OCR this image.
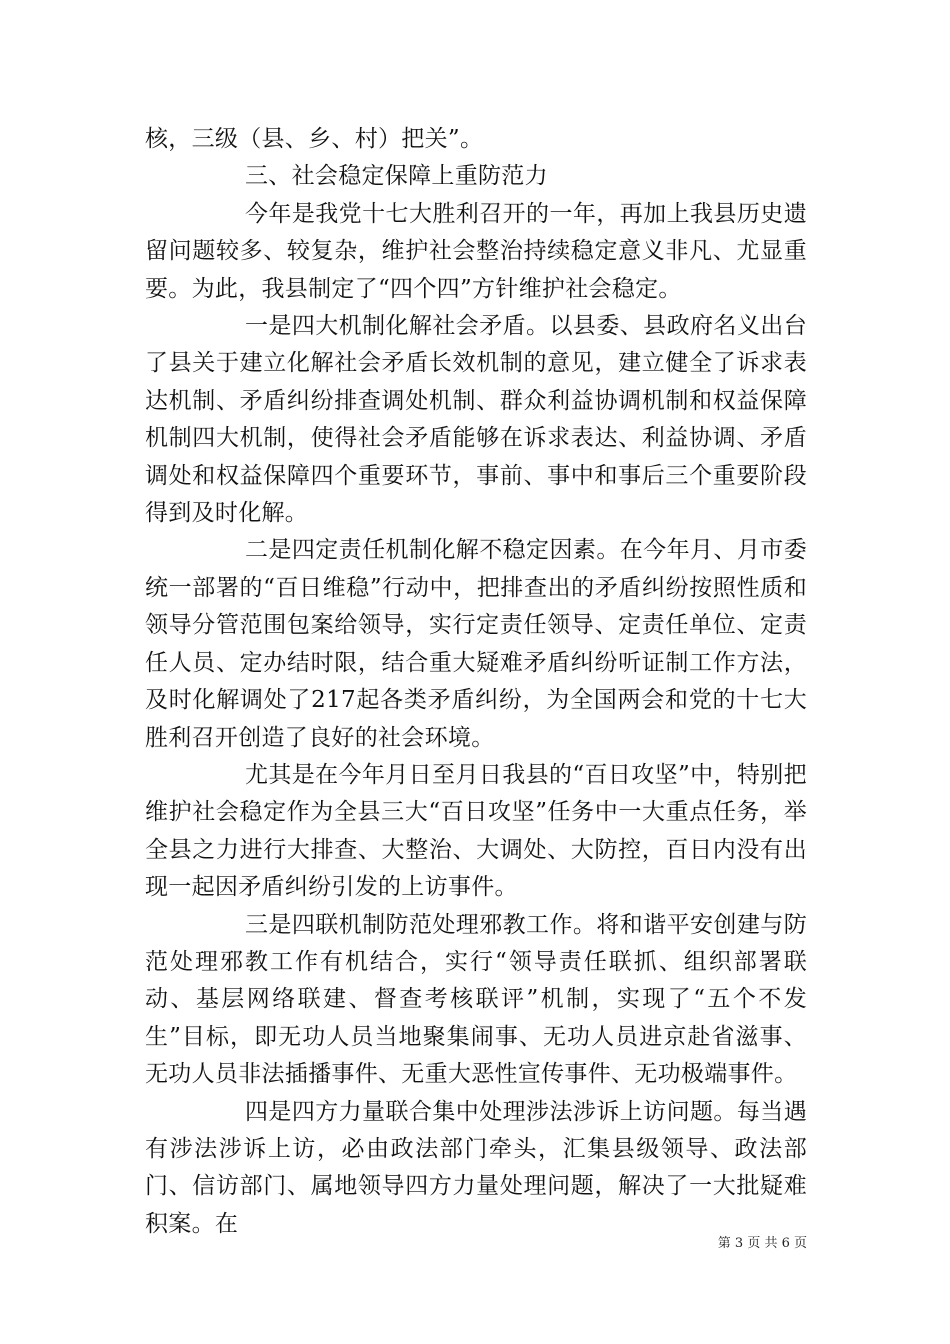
核，三级（县、乡、村）把关”。

三、社会稳定保障上重防范力

今年是我党十七大胜利召开的一年，再加上我县历史遗留问题较多、较复杂，维护社会整治持续稳定意义非凡、尤显重要。为此，我县制定了“四个四”方针维护社会稳定。

一是四大机制化解社会矛盾。以县委、县政府名义出台了县关于建立化解社会矛盾长效机制的意见，建立健全了诉求表达机制、矛盾纠纷排查调处机制、群众利益协调机制和权益保障机制四大机制，使得社会矛盾能够在诉求表达、利益协调、矛盾调处和权益保障四个重要环节，事前、事中和事后三个重要阶段得到及时化解。

二是四定责任机制化解不稳定因素。在今年月、月市委统一部署的“百日维稳”行动中，把排查出的矛盾纠纷按照性质和领导分管范围包案给领导，实行定责任领导、定责任单位、定责任人员、定办结时限，结合重大疑难矛盾纠纷听证制工作方法，及时化解调处了217起各类矛盾纠纷，为全国两会和党的十七大胜利召开创造了良好的社会环境。

尤其是在今年月日至月日我县的“百日攻坚”中，特别把维护社会稳定作为全县三大“百日攻坚”任务中一大重点任务，举全县之力进行大排查、大整治、大调处、大防控，百日内没有出现一起因矛盾纠纷引发的上访事件。

三是四联机制防范处理邪教工作。将和谐平安创建与防范处理邪教工作有机结合，实行“领导责任联抓、组织部署联动、基层网络联建、督查考核联评”机制，实现了“五个不发生”目标，即无功人员当地聚集闹事、无功人员进京赴省滋事、无功人员非法插播事件、无重大恶性宣传事件、无功极端事件。

四是四方力量联合集中处理涉法涉诉上访问题。每当遇有涉法涉诉上访，必由政法部门牵头，汇集县级领导、政法部门、信访部门、属地领导四方力量处理问题，解决了一大批疑难积案。在

第 3 页 共 6 页
